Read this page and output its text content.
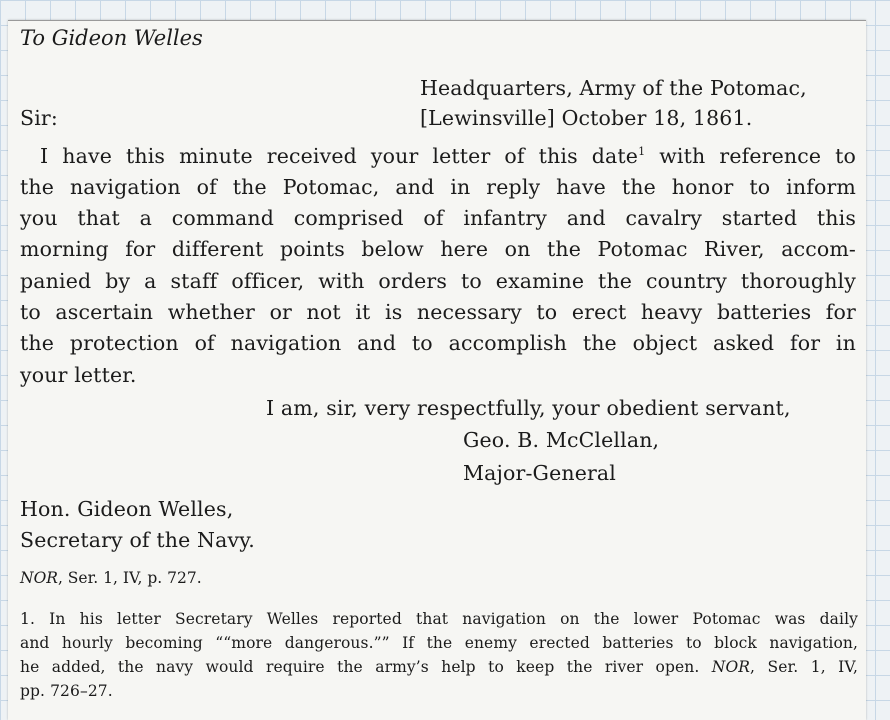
To Gideon Welles

Headquarters, Army of the Potomac,

Sir:	[Lewinsville] October 18, 1861.

I have this minute received your letter of this date$^1$ with reference to

the navigation of the Potomac, and in reply have the honor to inform

you that a command comprised of infantry and cavalry started this

morning for different points below here on the Potomac River, accom-

panied by a staff officer, with orders to examine the country thoroughly

to ascertain whether or not it is necessary to erect heavy batteries for

the protection of navigation and to accomplish the object asked for in

your letter.

I am, sir, very respectfully, your obedient servant,

Geo. B. McClellan,

Major-General

Hon. Gideon Welles,

Secretary of the Navy.

NOR, Ser. 1, IV, p. 727.

1. In his letter Secretary Welles reported that navigation on the lower Potomac was daily

and hourly becoming ““more dangerous.”” If the enemy erected batteries to block navigation,

he added, the navy would require the army’s help to keep the river open. NOR, Ser. 1, IV,

pp. 726–27.
